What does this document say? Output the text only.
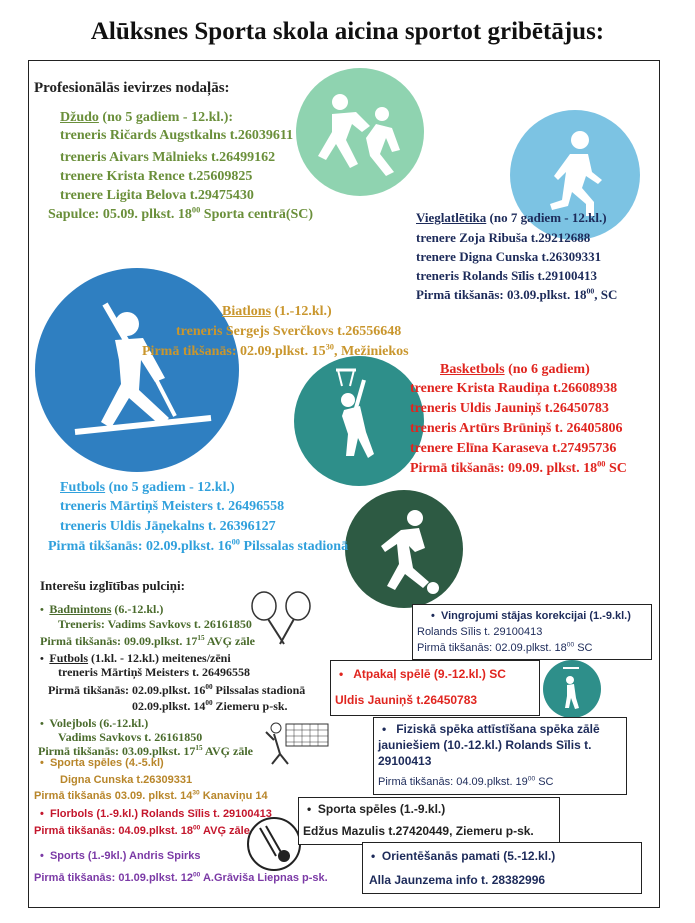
Alūksnes Sporta skola aicina sportot gribētājus:
Profesionālās ievirzes nodaļās:
Džudo (no 5 gadiem - 12.kl.):
treneris Ričards Augstkalns t.26039611
treneris Aivars Mālnieks t.26499162
trenere Krista Rence t.25609825
trenere Ligita Belova t.29475430
Sapulce: 05.09. plkst. $18^{00}$ Sporta centrā(SC)	Vieglatlētika (no 7 gadiem - 12.kl.)
trenere Zoja Ribuša t.29212688
trenere Digna Cunska t.26309331
treneris Rolands Sīlis t.29100413
Pirmā tikšanās: 03.09.plkst. $18^{00}$, SC
Biatlons (1.-12.kl.)
treneris Sergejs Sverčkovs t.26556648
Pirmā tikšanās: 02.09.plkst. $15^{30}$, Mežiniekos
Basketbols (no 6 gadiem)
trenere Krista Raudiņa t.26608938
treneris Uldis Jauniņš t.26450783
treneris Artūrs Brūniņš t. 26405806
trenere Elīna Karaseva t.27495736
Pirmā tikšanās: 09.09. plkst. $18^{00}$ SC
Futbols (no 5 gadiem - 12.kl.)
treneris Mārtiņš Meisters t. 26496558
treneris Uldis Jāņekalns t. 26396127
Pirmā tikšanās: 02.09.plkst. $16^{00}$ Pilssalas stadionā
Interešu izglītības pulciņi:
•  Badmintons (6.-12.kl.)
Treneris: Vadims Savkovs t. 26161850
Pirmā tikšanās: 09.09.plkst. $17^{15}$ AVĢ zāle
•  Futbols (1.kl. - 12.kl.) meitenes/zēni
treneris Mārtiņš Meisters t. 26496558
Pirmā tikšanās: 02.09.plkst. $16^{00}$ Pilssalas stadionā
02.09.plkst. $14^{00}$ Ziemeru p-sk.
•  Volejbols (6.-12.kl.)
Vadims Savkovs t. 26161850
Pirmā tikšanās: 03.09.plkst. $17^{15}$ AVĢ zāle
•  Sporta spēles (4.-5.kl)
Digna Cunska t.26309331
Pirmā tikšanās 03.09. plkst. $14^{30}$ Kanaviņu 14
•  Florbols (1.-9.kl.) Rolands Sīlis t. 29100413
Pirmā tikšanās: 04.09.plkst. $18^{00}$ AVĢ zāle
•  Sports (1.-9kl.) Andris Spirks
Pirmā tikšanās: 01.09.plkst. $12^{00}$ A.Grāviša Liepnas p-sk.
•  Vingrojumi stājas korekcijai (1.-9.kl.)
Rolands Sīlis t. 29100413
Pirmā tikšanās: 02.09.plkst. $18^{00}$ SC
•   Atpakaļ spēlē (9.-12.kl.) SC
Uldis Jauniņš t.26450783
•   Fiziskā spēka attīstīšana spēka zālē
jauniešiem (10.-12.kl.) Rolands Sīlis t.
29100413
Pirmā tikšanās: 04.09.plkst. $19^{00}$ SC
•  Sporta spēles (1.-9.kl.)
Edžus Mazulis t.27420449, Ziemeru p-sk.
•  Orientēšanās pamati (5.-12.kl.)
Alla Jaunzema info t. 28382996
